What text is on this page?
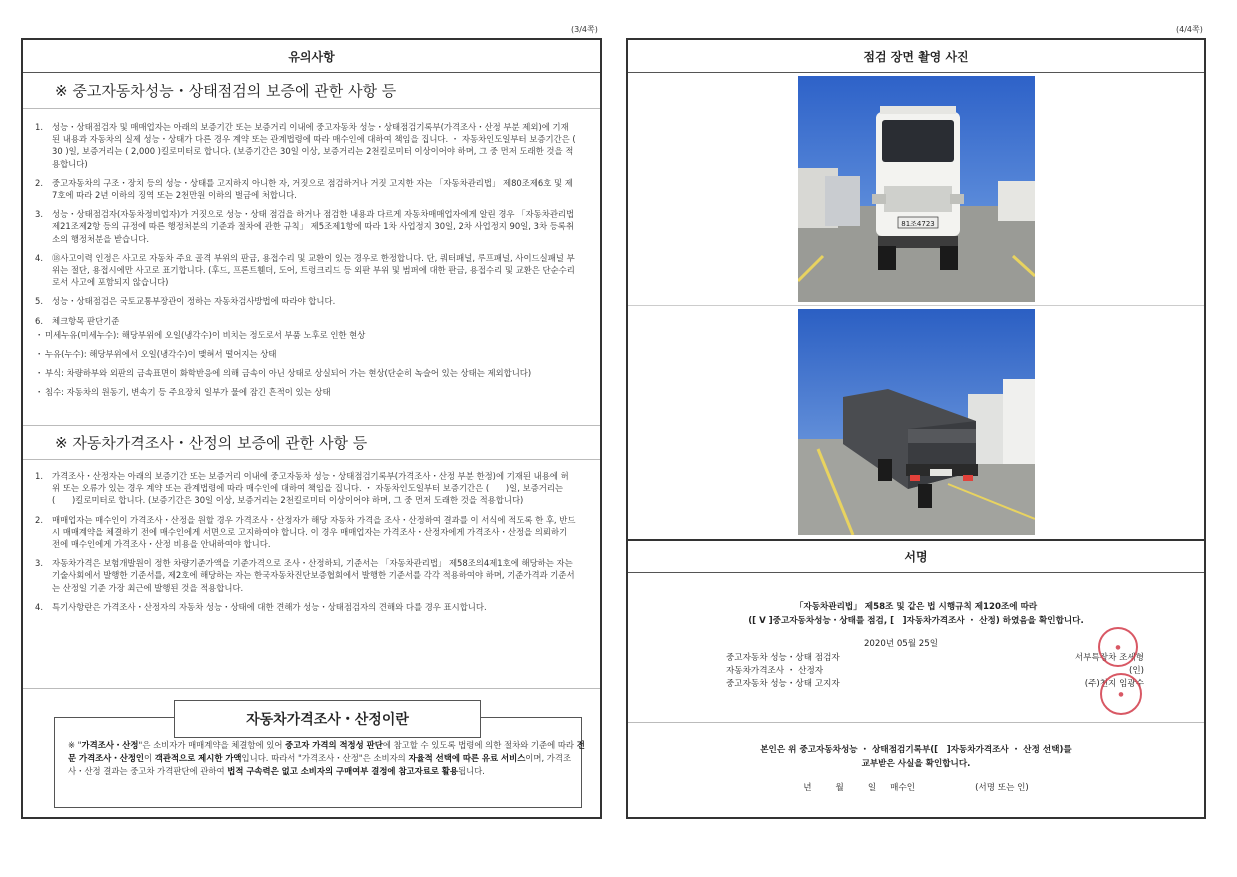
(3/4쪽)	(4/4쪽)
유의사항
※ 중고자동차성능・상태점검의 보증에 관한 사항 등
1.	성능・상태점검자 및 매매업자는 아래의 보증기간 또는 보증거리 이내에 중고자동차 성능・상태점검기록부(가격조사・산정 부분 제외)에 기재된 내용과 자동차의 실제 성능・상태가 다른 경우 계약 또는 관계법령에 따라 매수인에 대하여 책임을 집니다. ・ 자동차인도일부터 보증기간은 ( 30 )일, 보증거리는 ( 2,000 )킬로미터로 합니다. (보증기간은 30일 이상, 보증거리는 2천킬로미터 이상이어야 하며, 그 중 먼저 도래한 것을 적용합니다)
2.	중고자동차의 구조・장치 등의 성능・상태를 고지하지 아니한 자, 거짓으로 점검하거나 거짓 고지한 자는 「자동차관리법」 제80조제6호 및 제7호에 따라 2년 이하의 징역 또는 2천만원 이하의 벌금에 처합니다.
3.	성능・상태점검자(자동차정비업자)가 거짓으로 성능・상태 점검을 하거나 점검한 내용과 다르게 자동차매매업자에게 알린 경우 「자동차관리법 제21조제2항 등의 규정에 따른 행정처분의 기준과 절차에 관한 규칙」 제5조제1항에 따라 1차 사업정지 30일, 2차 사업정지 90일, 3차 등록취소의 행정처분을 받습니다.
4.	⑱사고이력 인정은 사고로 자동차 주요 골격 부위의 판금, 용접수리 및 교환이 있는 경우로 한정합니다. 단, 쿼터패널, 루프패널, 사이드실패널 부위는 절단, 용접시에만 사고로 표기합니다. (후드, 프론트휀더, 도어, 트렁크리드 등 외판 부위 및 범퍼에 대한 판금, 용접수리 및 교환은 단순수리로서 사고에 포함되지 않습니다)
5.	성능・상태점검은 국토교통부장관이 정하는 자동차검사방법에 따라야 합니다.
6.	체크항목 판단기준
・ 미세누유(미세누수): 해당부위에 오일(냉각수)이 비치는 정도로서 부품 노후로 인한 현상
・ 누유(누수): 해당부위에서 오일(냉각수)이 맺혀서 떨어지는 상태
・ 부식: 차량하부와 외판의 금속표면이 화학반응에 의해 금속이 아닌 상태로 상실되어 가는 현상(단순히 녹슬어 있는 상태는 제외합니다)
・ 침수: 자동차의 원동기, 변속기 등 주요장치 일부가 물에 잠긴 흔적이 있는 상태
※ 자동차가격조사・산정의 보증에 관한 사항 등
1.	가격조사・산정자는 아래의 보증기간 또는 보증거리 이내에 중고자동차 성능・상태점검기록부(가격조사・산정 부분 한정)에 기재된 내용에 허위 또는 오류가 있는 경우 계약 또는 관계법령에 따라 매수인에 대하여 책임을 집니다. ・ 자동차인도일부터 보증기간은 (　　)일, 보증거리는 (　　)킬로미터로 합니다. (보증기간은 30일 이상, 보증거리는 2천킬로미터 이상이어야 하며, 그 중 먼저 도래한 것을 적용합니다)
2.	매매업자는 매수인이 가격조사・산정을 원할 경우 가격조사・산정자가 해당 자동차 가격을 조사・산정하여 결과를 이 서식에 적도록 한 후, 반드시 매매계약을 체결하기 전에 매수인에게 서면으로 고지하여야 합니다. 이 경우 매매업자는 가격조사・산정자에게 가격조사・산정을 의뢰하기 전에 매수인에게 가격조사・산정 비용을 안내하여야 합니다.
3.	자동차가격은 보험개발원이 정한 차량기준가액을 기준가격으로 조사・산정하되, 기준서는 「자동차관리법」 제58조의4제1호에 해당하는 자는 기술사회에서 발행한 기준서를, 제2호에 해당하는 자는 한국자동차진단보증협회에서 발행한 기준서를 각각 적용하여야 하며, 기준가격과 기준서는 산정일 기준 가장 최근에 발행된 것을 적용합니다.
4.	특기사항란은 가격조사・산정자의 자동차 성능・상태에 대한 견해가 성능・상태점검자의 견해와 다를 경우 표시합니다.
자동차가격조사・산정이란
※ "가격조사・산정"은 소비자가 매매계약을 체결함에 있어 중고자 가격의 적정성 판단에 참고할 수 있도록 법령에 의한 절차와 기준에 따라 전문 가격조사・산정인이 객관적으로 제시한 가액입니다. 따라서 "가격조사・산정"은 소비자의 자율적 선택에 따른 유료 서비스이며, 가격조사・산정 결과는 중고차 가격판단에 관하여 법적 구속력은 없고 소비자의 구매여부 결정에 참고자료로 활용됩니다.
점검 장면 촬영 사진
81조4723
서명
「자동차관리법」 제58조 및 같은 법 시행규칙 제120조에 따라
([ V ]중고자동차성능・상태를 점검, [　]자동차가격조사 ・ 산정) 하였음을 확인합니다.
2020년 05월 25일
중고자동차 성능・상태 점검자	서부특장차 조세형
자동차가격조사 ・ 산정자	(인)
중고자동차 성능・상태 고지자	(주)천지 임광수
●
●
본인은 위 중고자동차성능 ・ 상태점검기록부([　]자동차가격조사 ・ 산정 선택)를
교부받은 사실을 확인합니다.
년	월	일 매수인	(서명 또는 인)
